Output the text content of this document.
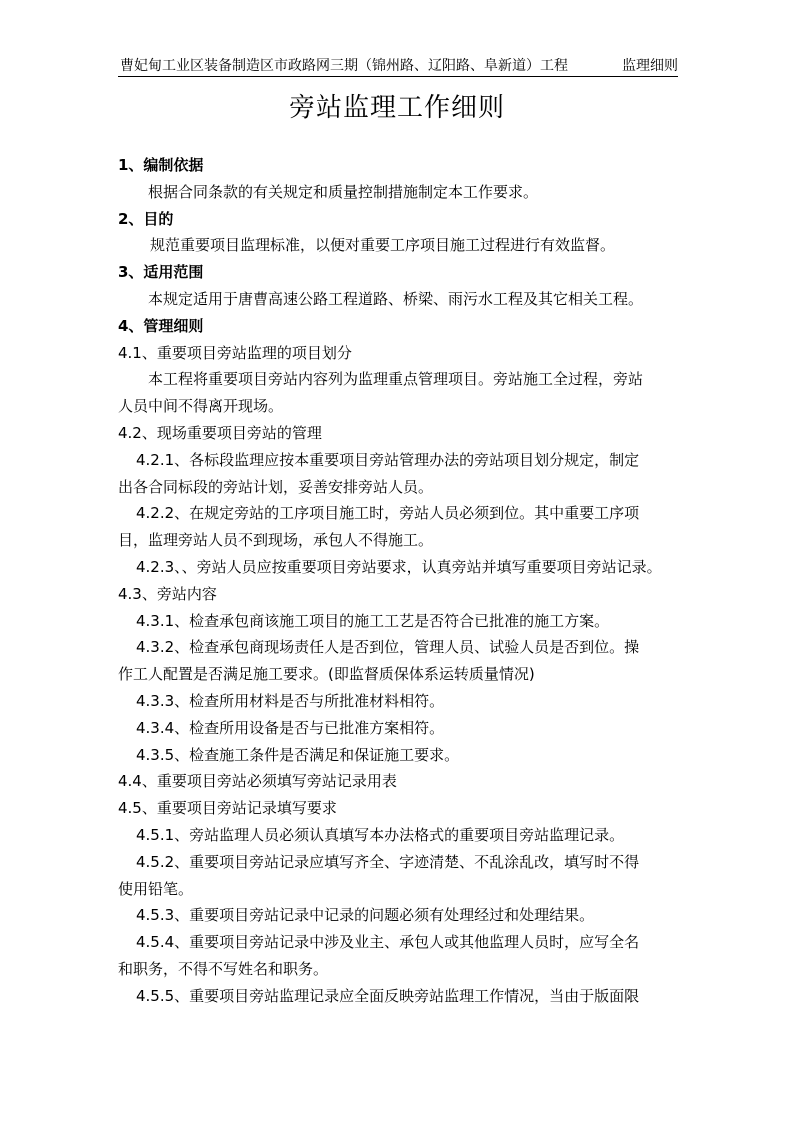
曹妃甸工业区装备制造区市政路网三期（锦州路、辽阳路、阜新道）工程	监理细则
旁站监理工作细则
1、编制依据
根据合同条款的有关规定和质量控制措施制定本工作要求。
2、目的
规范重要项目监理标准，以便对重要工序项目施工过程进行有效监督。
3、适用范围
本规定适用于唐曹高速公路工程道路、桥梁、雨污水工程及其它相关工程。
4、管理细则
4.1、重要项目旁站监理的项目划分
本工程将重要项目旁站内容列为监理重点管理项目。旁站施工全过程，旁站
人员中间不得离开现场。
4.2、现场重要项目旁站的管理
4.2.1、各标段监理应按本重要项目旁站管理办法的旁站项目划分规定，制定
出各合同标段的旁站计划，妥善安排旁站人员。
4.2.2、在规定旁站的工序项目施工时，旁站人员必须到位。其中重要工序项
目，监理旁站人员不到现场，承包人不得施工。
4.2.3、、旁站人员应按重要项目旁站要求，认真旁站并填写重要项目旁站记录。
4.3、旁站内容
4.3.1、检查承包商该施工项目的施工工艺是否符合已批准的施工方案。
4.3.2、检查承包商现场责任人是否到位，管理人员、试验人员是否到位。操
作工人配置是否满足施工要求。(即监督质保体系运转质量情况)
4.3.3、检查所用材料是否与所批准材料相符。
4.3.4、检查所用设备是否与已批准方案相符。
4.3.5、检查施工条件是否满足和保证施工要求。
4.4、重要项目旁站必须填写旁站记录用表
4.5、重要项目旁站记录填写要求
4.5.1、旁站监理人员必须认真填写本办法格式的重要项目旁站监理记录。
4.5.2、重要项目旁站记录应填写齐全、字迹清楚、不乱涂乱改，填写时不得
使用铅笔。
4.5.3、重要项目旁站记录中记录的问题必须有处理经过和处理结果。
4.5.4、重要项目旁站记录中涉及业主、承包人或其他监理人员时，应写全名
和职务，不得不写姓名和职务。
4.5.5、重要项目旁站监理记录应全面反映旁站监理工作情况，当由于版面限
